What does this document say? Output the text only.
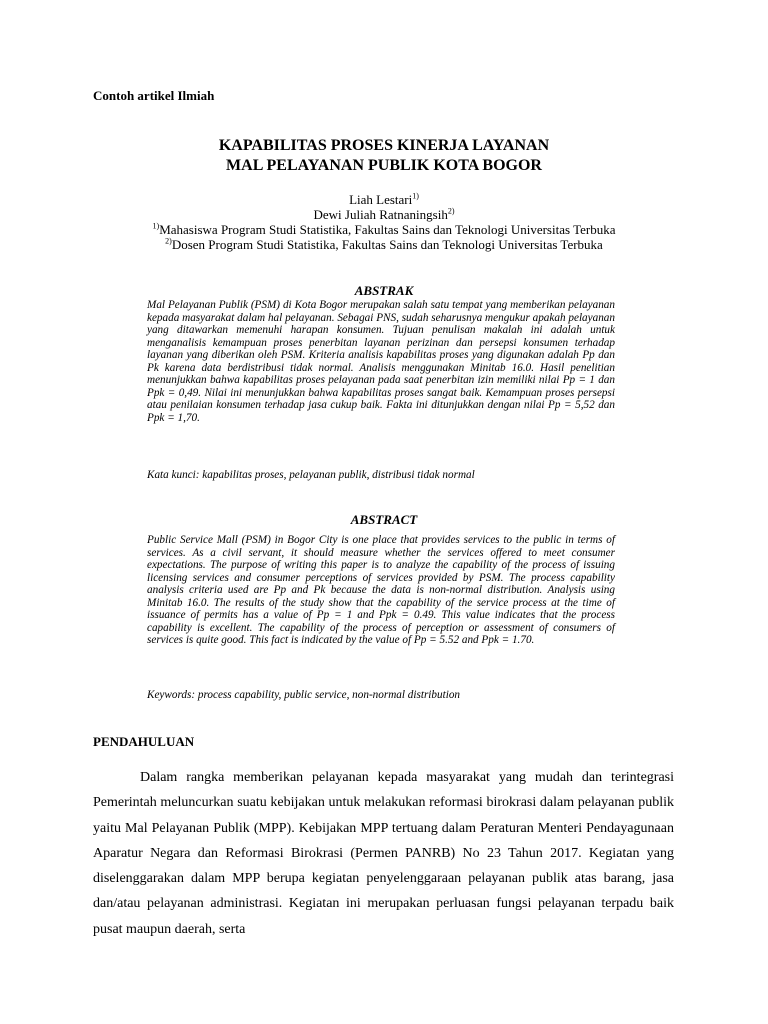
Contoh artikel Ilmiah
KAPABILITAS PROSES KINERJA LAYANAN
MAL PELAYANAN PUBLIK KOTA BOGOR
Liah Lestari$^{1)}$
Dewi Juliah Ratnaningsih$^{2)}$
$^{1)}$Mahasiswa Program Studi Statistika, Fakultas Sains dan Teknologi Universitas Terbuka
$^{2)}$Dosen Program Studi Statistika, Fakultas Sains dan Teknologi Universitas Terbuka
ABSTRAK
Mal Pelayanan Publik (PSM) di Kota Bogor merupakan salah satu tempat yang memberikan pelayanan kepada masyarakat dalam hal pelayanan. Sebagai PNS, sudah seharusnya mengukur apakah pelayanan yang ditawarkan memenuhi harapan konsumen. Tujuan penulisan makalah ini adalah untuk menganalisis kemampuan proses penerbitan layanan perizinan dan persepsi konsumen terhadap layanan yang diberikan oleh PSM. Kriteria analisis kapabilitas proses yang digunakan adalah Pp dan Pk karena data berdistribusi tidak normal. Analisis menggunakan Minitab 16.0. Hasil penelitian menunjukkan bahwa kapabilitas proses pelayanan pada saat penerbitan izin memiliki nilai Pp = 1 dan Ppk = 0,49. Nilai ini menunjukkan bahwa kapabilitas proses sangat baik. Kemampuan proses persepsi atau penilaian konsumen terhadap jasa cukup baik. Fakta ini ditunjukkan dengan nilai Pp = 5,52 dan Ppk = 1,70.
Kata kunci: kapabilitas proses, pelayanan publik, distribusi tidak normal
ABSTRACT
Public Service Mall (PSM) in Bogor City is one place that provides services to the public in terms of services. As a civil servant, it should measure whether the services offered to meet consumer expectations. The purpose of writing this paper is to analyze the capability of the process of issuing licensing services and consumer perceptions of services provided by PSM. The process capability analysis criteria used are Pp and Pk because the data is non-normal distribution. Analysis using Minitab 16.0. The results of the study show that the capability of the service process at the time of issuance of permits has a value of Pp = 1 and Ppk = 0.49. This value indicates that the process capability is excellent. The capability of the process of perception or assessment of consumers of services is quite good. This fact is indicated by the value of Pp = 5.52 and Ppk = 1.70.
Keywords: process capability, public service, non-normal distribution
PENDAHULUAN
Dalam rangka memberikan pelayanan kepada masyarakat yang mudah dan terintegrasi Pemerintah meluncurkan suatu kebijakan untuk melakukan reformasi birokrasi dalam pelayanan publik yaitu Mal Pelayanan Publik (MPP). Kebijakan MPP tertuang dalam Peraturan Menteri Pendayagunaan Aparatur Negara dan Reformasi Birokrasi (Permen PANRB) No 23 Tahun 2017. Kegiatan yang diselenggarakan dalam MPP berupa kegiatan penyelenggaraan pelayanan publik atas barang, jasa dan/atau pelayanan administrasi. Kegiatan ini merupakan perluasan fungsi pelayanan terpadu baik pusat maupun daerah, serta
